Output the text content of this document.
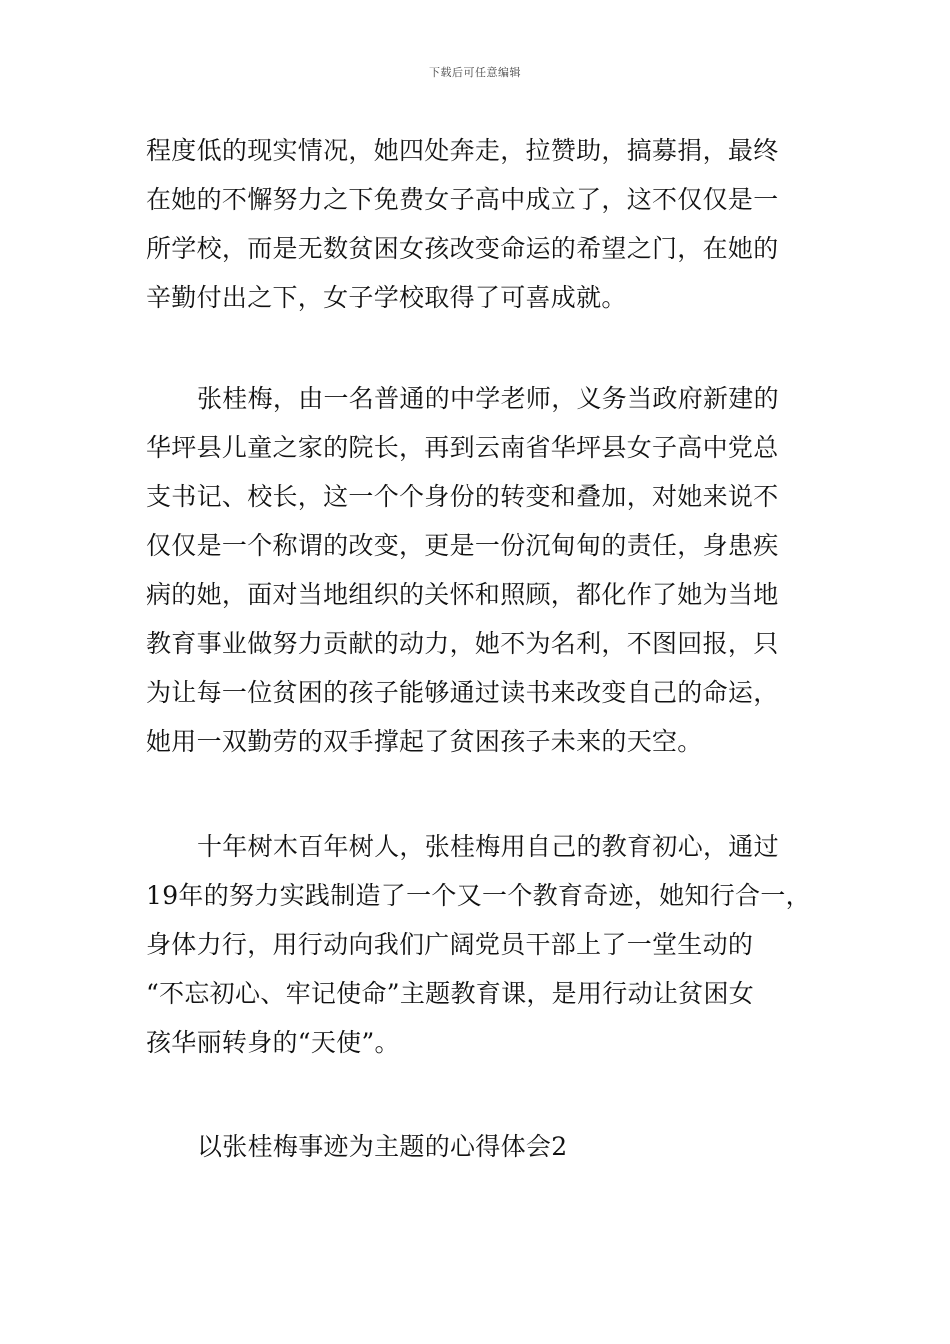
下载后可任意编辑
程度低的现实情况，她四处奔走，拉赞助，搞募捐，最终
在她的不懈努力之下免费女子高中成立了，这不仅仅是一
所学校，而是无数贫困女孩改变命运的希望之门，在她的
辛勤付出之下，女子学校取得了可喜成就。
张桂梅，由一名普通的中学老师，义务当政府新建的
华坪县儿童之家的院长，再到云南省华坪县女子高中党总
支书记、校长，这一个个身份的转变和叠加，对她来说不
仅仅是一个称谓的改变，更是一份沉甸甸的责任，身患疾
病的她，面对当地组织的关怀和照顾，都化作了她为当地
教育事业做努力贡献的动力，她不为名利，不图回报，只
为让每一位贫困的孩子能够通过读书来改变自己的命运，
她用一双勤劳的双手撑起了贫困孩子未来的天空。
十年树木百年树人，张桂梅用自己的教育初心，通过
19年的努力实践制造了一个又一个教育奇迹，她知行合一，
身体力行，用行动向我们广阔党员干部上了一堂生动的
“不忘初心、牢记使命”主题教育课，是用行动让贫困女
孩华丽转身的“天使”。
以张桂梅事迹为主题的心得体会2
